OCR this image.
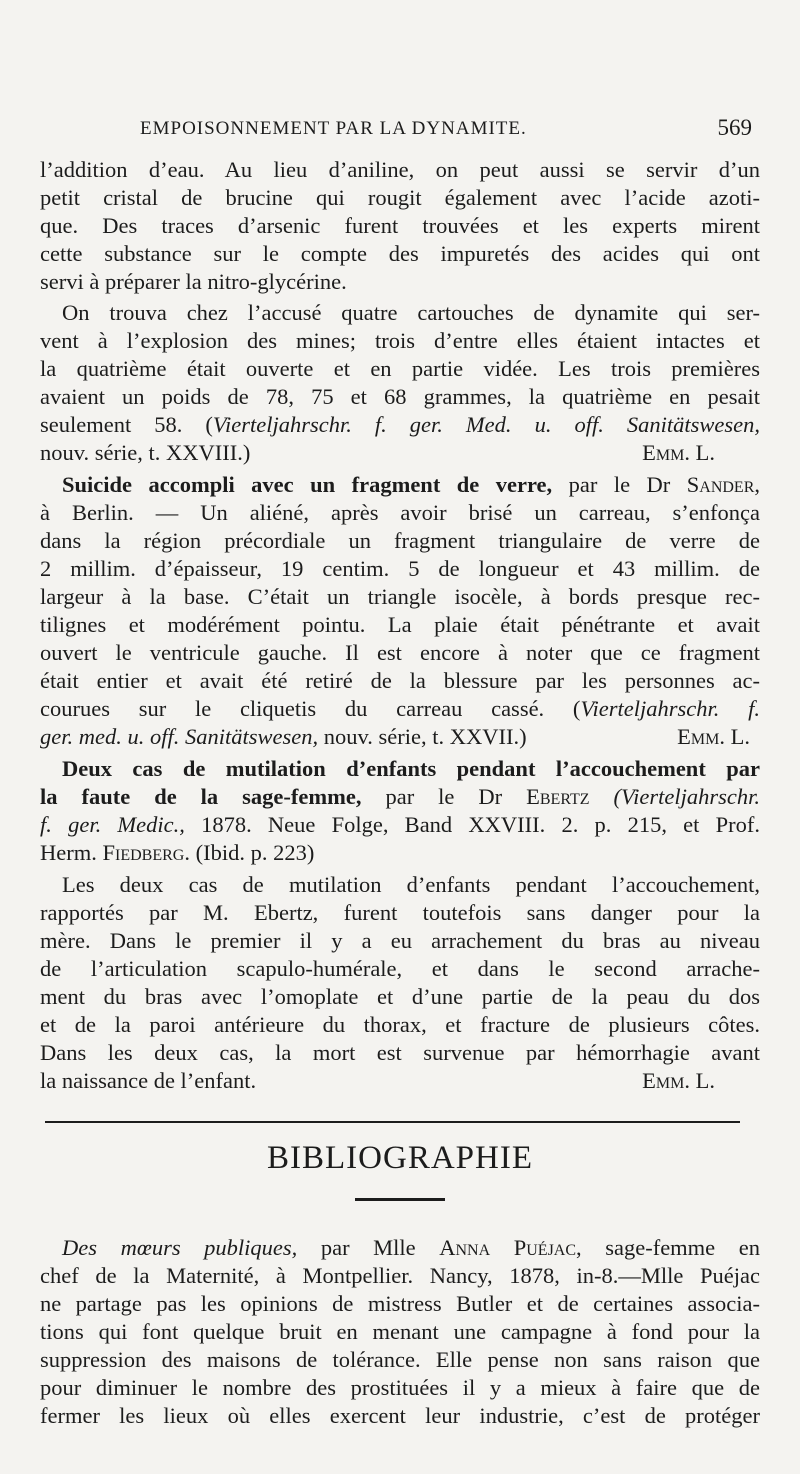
EMPOISONNEMENT PAR LA DYNAMITE.	569
l’addition d’eau. Au lieu d’aniline, on peut aussi se servir d’un
petit cristal de brucine qui rougit également avec l’acide azoti-
que. Des traces d’arsenic furent trouvées et les experts mirent
cette substance sur le compte des impuretés des acides qui ont
servi à préparer la nitro-glycérine.
On trouva chez l’accusé quatre cartouches de dynamite qui ser-
vent à l’explosion des mines; trois d’entre elles étaient intactes et
la quatrième était ouverte et en partie vidée. Les trois premières
avaient un poids de 78, 75 et 68 grammes, la quatrième en pesait
seulement 58. (Vierteljahrschr. f. ger. Med. u. off. Sanitätswesen,
nouv. série, t. XXVIII.)	Emm. L.
Suicide accompli avec un fragment de verre, par le Dr Sander,
à Berlin. — Un aliéné, après avoir brisé un carreau, s’enfonça
dans la région précordiale un fragment triangulaire de verre de
2 millim. d’épaisseur, 19 centim. 5 de longueur et 43 millim. de
largeur à la base. C’était un triangle isocèle, à bords presque rec-
tilignes et modérément pointu. La plaie était pénétrante et avait
ouvert le ventricule gauche. Il est encore à noter que ce fragment
était entier et avait été retiré de la blessure par les personnes ac-
courues sur le cliquetis du carreau cassé. (Vierteljahrschr. f.
ger. med. u. off. Sanitätswesen, nouv. série, t. XXVII.)	Emm. L.
Deux cas de mutilation d’enfants pendant l’accouchement par
la faute de la sage-femme, par le Dr Ebertz (Vierteljahrschr.
f. ger. Medic., 1878. Neue Folge, Band XXVIII. 2. p. 215, et Prof.
Herm. Fiedberg. (Ibid. p. 223)
Les deux cas de mutilation d’enfants pendant l’accouchement,
rapportés par M. Ebertz, furent toutefois sans danger pour la
mère. Dans le premier il y a eu arrachement du bras au niveau
de l’articulation scapulo-humérale, et dans le second arrache-
ment du bras avec l’omoplate et d’une partie de la peau du dos
et de la paroi antérieure du thorax, et fracture de plusieurs côtes.
Dans les deux cas, la mort est survenue par hémorrhagie avant
la naissance de l’enfant.	Emm. L.
BIBLIOGRAPHIE
Des mœurs publiques, par Mlle Anna Puéjac, sage-femme en
chef de la Maternité, à Montpellier. Nancy, 1878, in-8.—Mlle Puéjac
ne partage pas les opinions de mistress Butler et de certaines associa-
tions qui font quelque bruit en menant une campagne à fond pour la
suppression des maisons de tolérance. Elle pense non sans raison que
pour diminuer le nombre des prostituées il y a mieux à faire que de
fermer les lieux où elles exercent leur industrie, c’est de protéger
